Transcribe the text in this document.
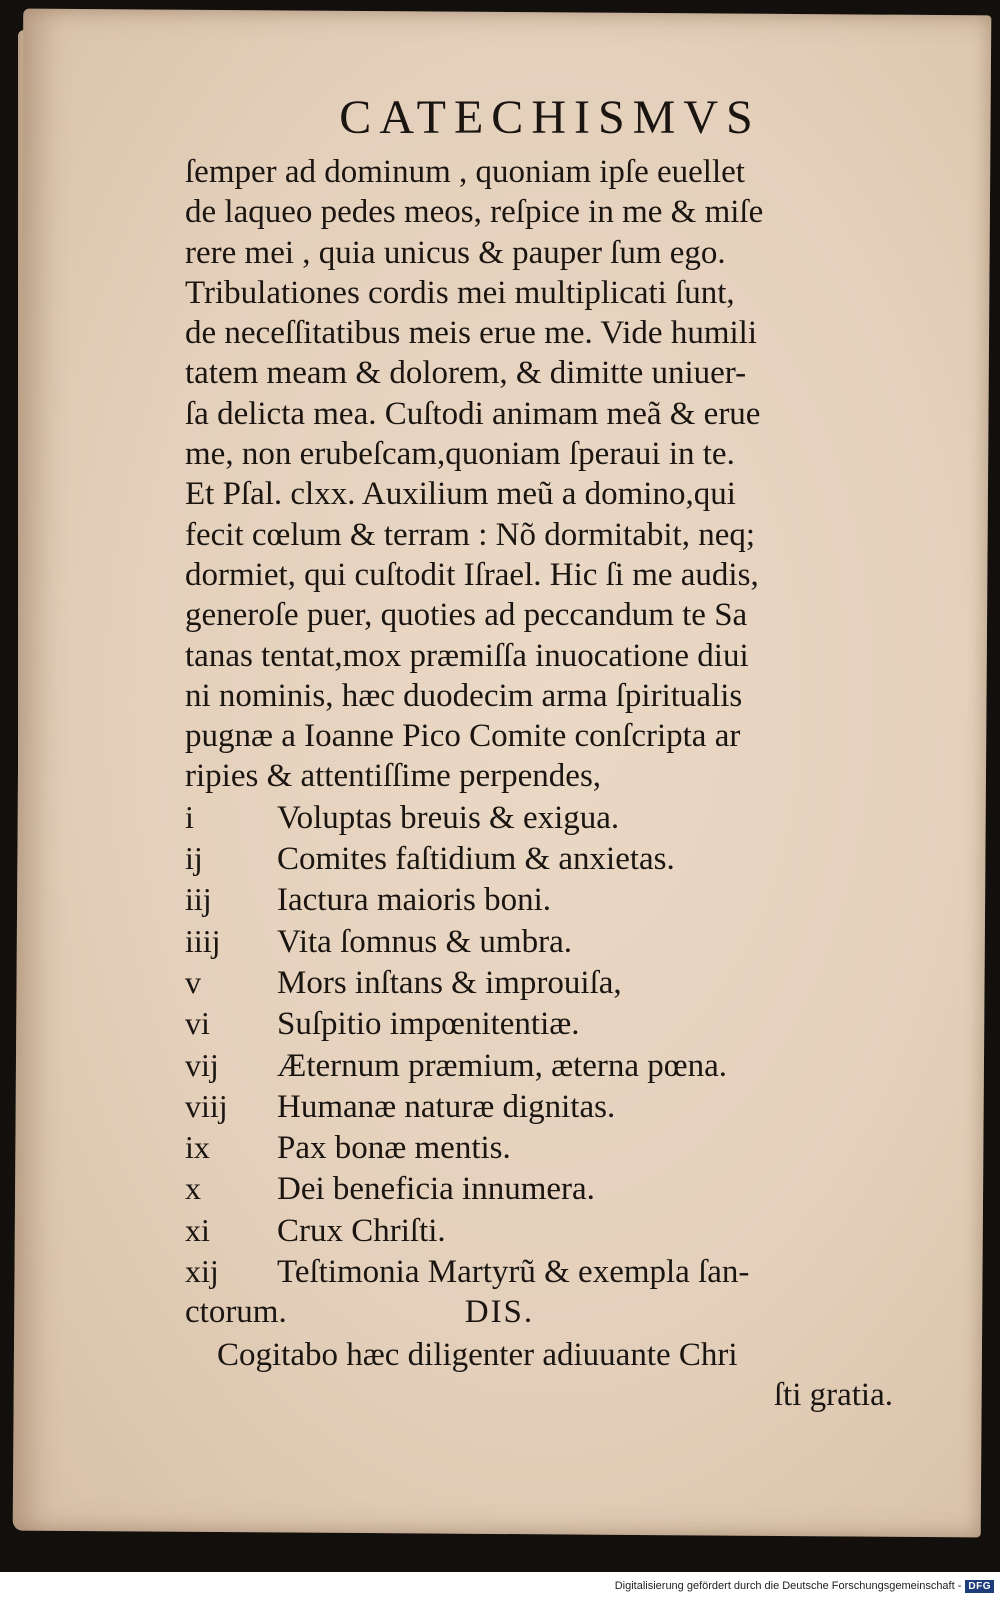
CATECHISMVS

ſemper ad dominum , quoniam ipſe euellet

de laqueo pedes meos, reſpice in me & miſe

rere mei , quia unicus & pauper ſum ego.

Tribulationes cordis mei multiplicati ſunt,

de neceſſitatibus meis erue me. Vide humili

tatem meam & dolorem, & dimitte uniuer-

ſa delicta mea. Cuſtodi animam meã & erue

me, non erubeſcam,quoniam ſperaui in te.

Et Pſal. clxx. Auxilium meũ a domino,qui

fecit cœlum & terram : Nõ dormitabit, neq;

dormiet, qui cuſtodit Iſrael. Hic ſi me audis,

generoſe puer, quoties ad peccandum te Sa

tanas tentat,mox præmiſſa inuocatione diui

ni nominis, hæc duodecim arma ſpiritualis

pugnæ a Ioanne Pico Comite conſcripta ar

ripies & attentiſſime perpendes,

i	Voluptas breuis & exigua.
ij	Comites faſtidium & anxietas.
iij	Iactura maioris boni.
iiij	Vita ſomnus & umbra.
v	Mors inſtans & improuiſa,
vi	Suſpitio impœnitentiæ.
vij	Æternum præmium, æterna pœna.
viij	Humanæ naturæ dignitas.
ix	Pax bonæ mentis.
x	Dei beneficia innumera.
xi	Crux Chriſti.
xij	Teſtimonia Martyrũ & exempla ſan-
ctorum.	DIS.
Cogitabo hæc diligenter adiuuante Chri
ſti gratia.
Digitalisierung gefördert durch die Deutsche Forschungsgemeinschaft - DFG
